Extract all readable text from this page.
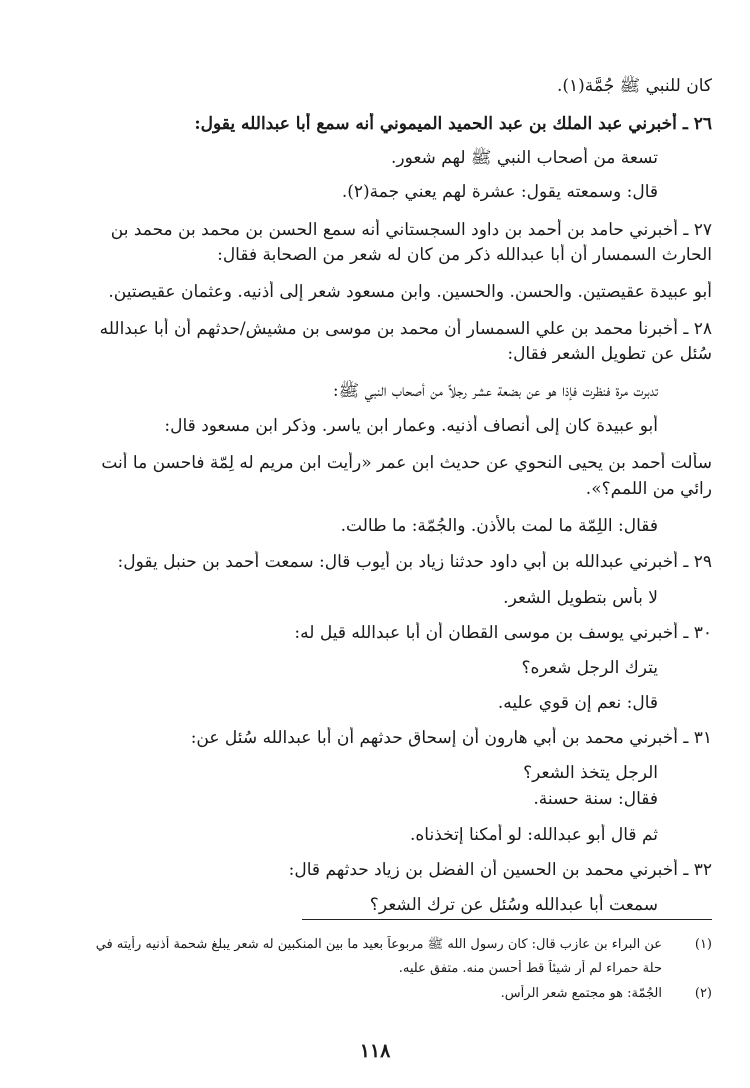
كان للنبي ﷺ جُمَّة(١).
٢٦ ـ أخبرني عبد الملك بن عبد الحميد الميموني أنه سمع أبا عبدالله يقول:
تسعة من أصحاب النبي ﷺ لهم شعور.
قال: وسمعته يقول: عشرة لهم يعني جمة(٢).
٢٧ ـ أخبرني حامد بن أحمد بن داود السجستاني أنه سمع الحسن بن محمد بن محمد بن
الحارث السمسار أن أبا عبدالله ذكر من كان له شعر من الصحابة فقال:
أبو عبيدة عقيصتين. والحسن. والحسين. وابن مسعود شعر إلى أذنيه. وعثمان عقيصتين.
٢٨ ـ أخبرنا محمد بن علي السمسار أن محمد بن موسى بن مشيش/حدثهم أن أبا عبدالله
سُئل عن تطويل الشعر فقال:
تدبرت مرة فنظرت فإذا هو عن بضعة عشر رجلاً من أصحاب النبي ﷺ:
أبو عبيدة كان إلى أنصاف أذنيه. وعمار ابن ياسر. وذكر ابن مسعود قال:
سألت أحمد بن يحيى النحوي عن حديث ابن عمر «رأيت ابن مريم له لِمّة فاحسن ما أنت
رائي من اللمم؟».
فقال: اللِمّة ما لمت بالأذن. والجُمّة: ما طالت.
٢٩ ـ أخبرني عبدالله بن أبي داود حدثنا زياد بن أيوب قال: سمعت أحمد بن حنبل يقول:
لا بأس بتطويل الشعر.
٣٠ ـ أخبرني يوسف بن موسى القطان أن أبا عبدالله قيل له:
يترك الرجل شعره؟
قال: نعم إن قوي عليه.
٣١ ـ أخبرني محمد بن أبي هارون أن إسحاق حدثهم أن أبا عبدالله سُئل عن:
الرجل يتخذ الشعر؟
فقال: سنة حسنة.
ثم قال أبو عبدالله: لو أمكنا إتخذناه.
٣٢ ـ أخبرني محمد بن الحسين أن الفضل بن زياد حدثهم قال:
سمعت أبا عبدالله وسُئل عن ترك الشعر؟
(١)عن البراء بن عازب قال: كان رسول الله ﷺ مربوعاً بعيد ما بين المنكبين له شعر يبلغ شحمة أُذنيه رأيته في
حلة حمراء لم أر شيئاً قط أحسن منه. متفق عليه.
(٢)الجُمّة: هو مجتمع شعر الرأس.
١١٨
